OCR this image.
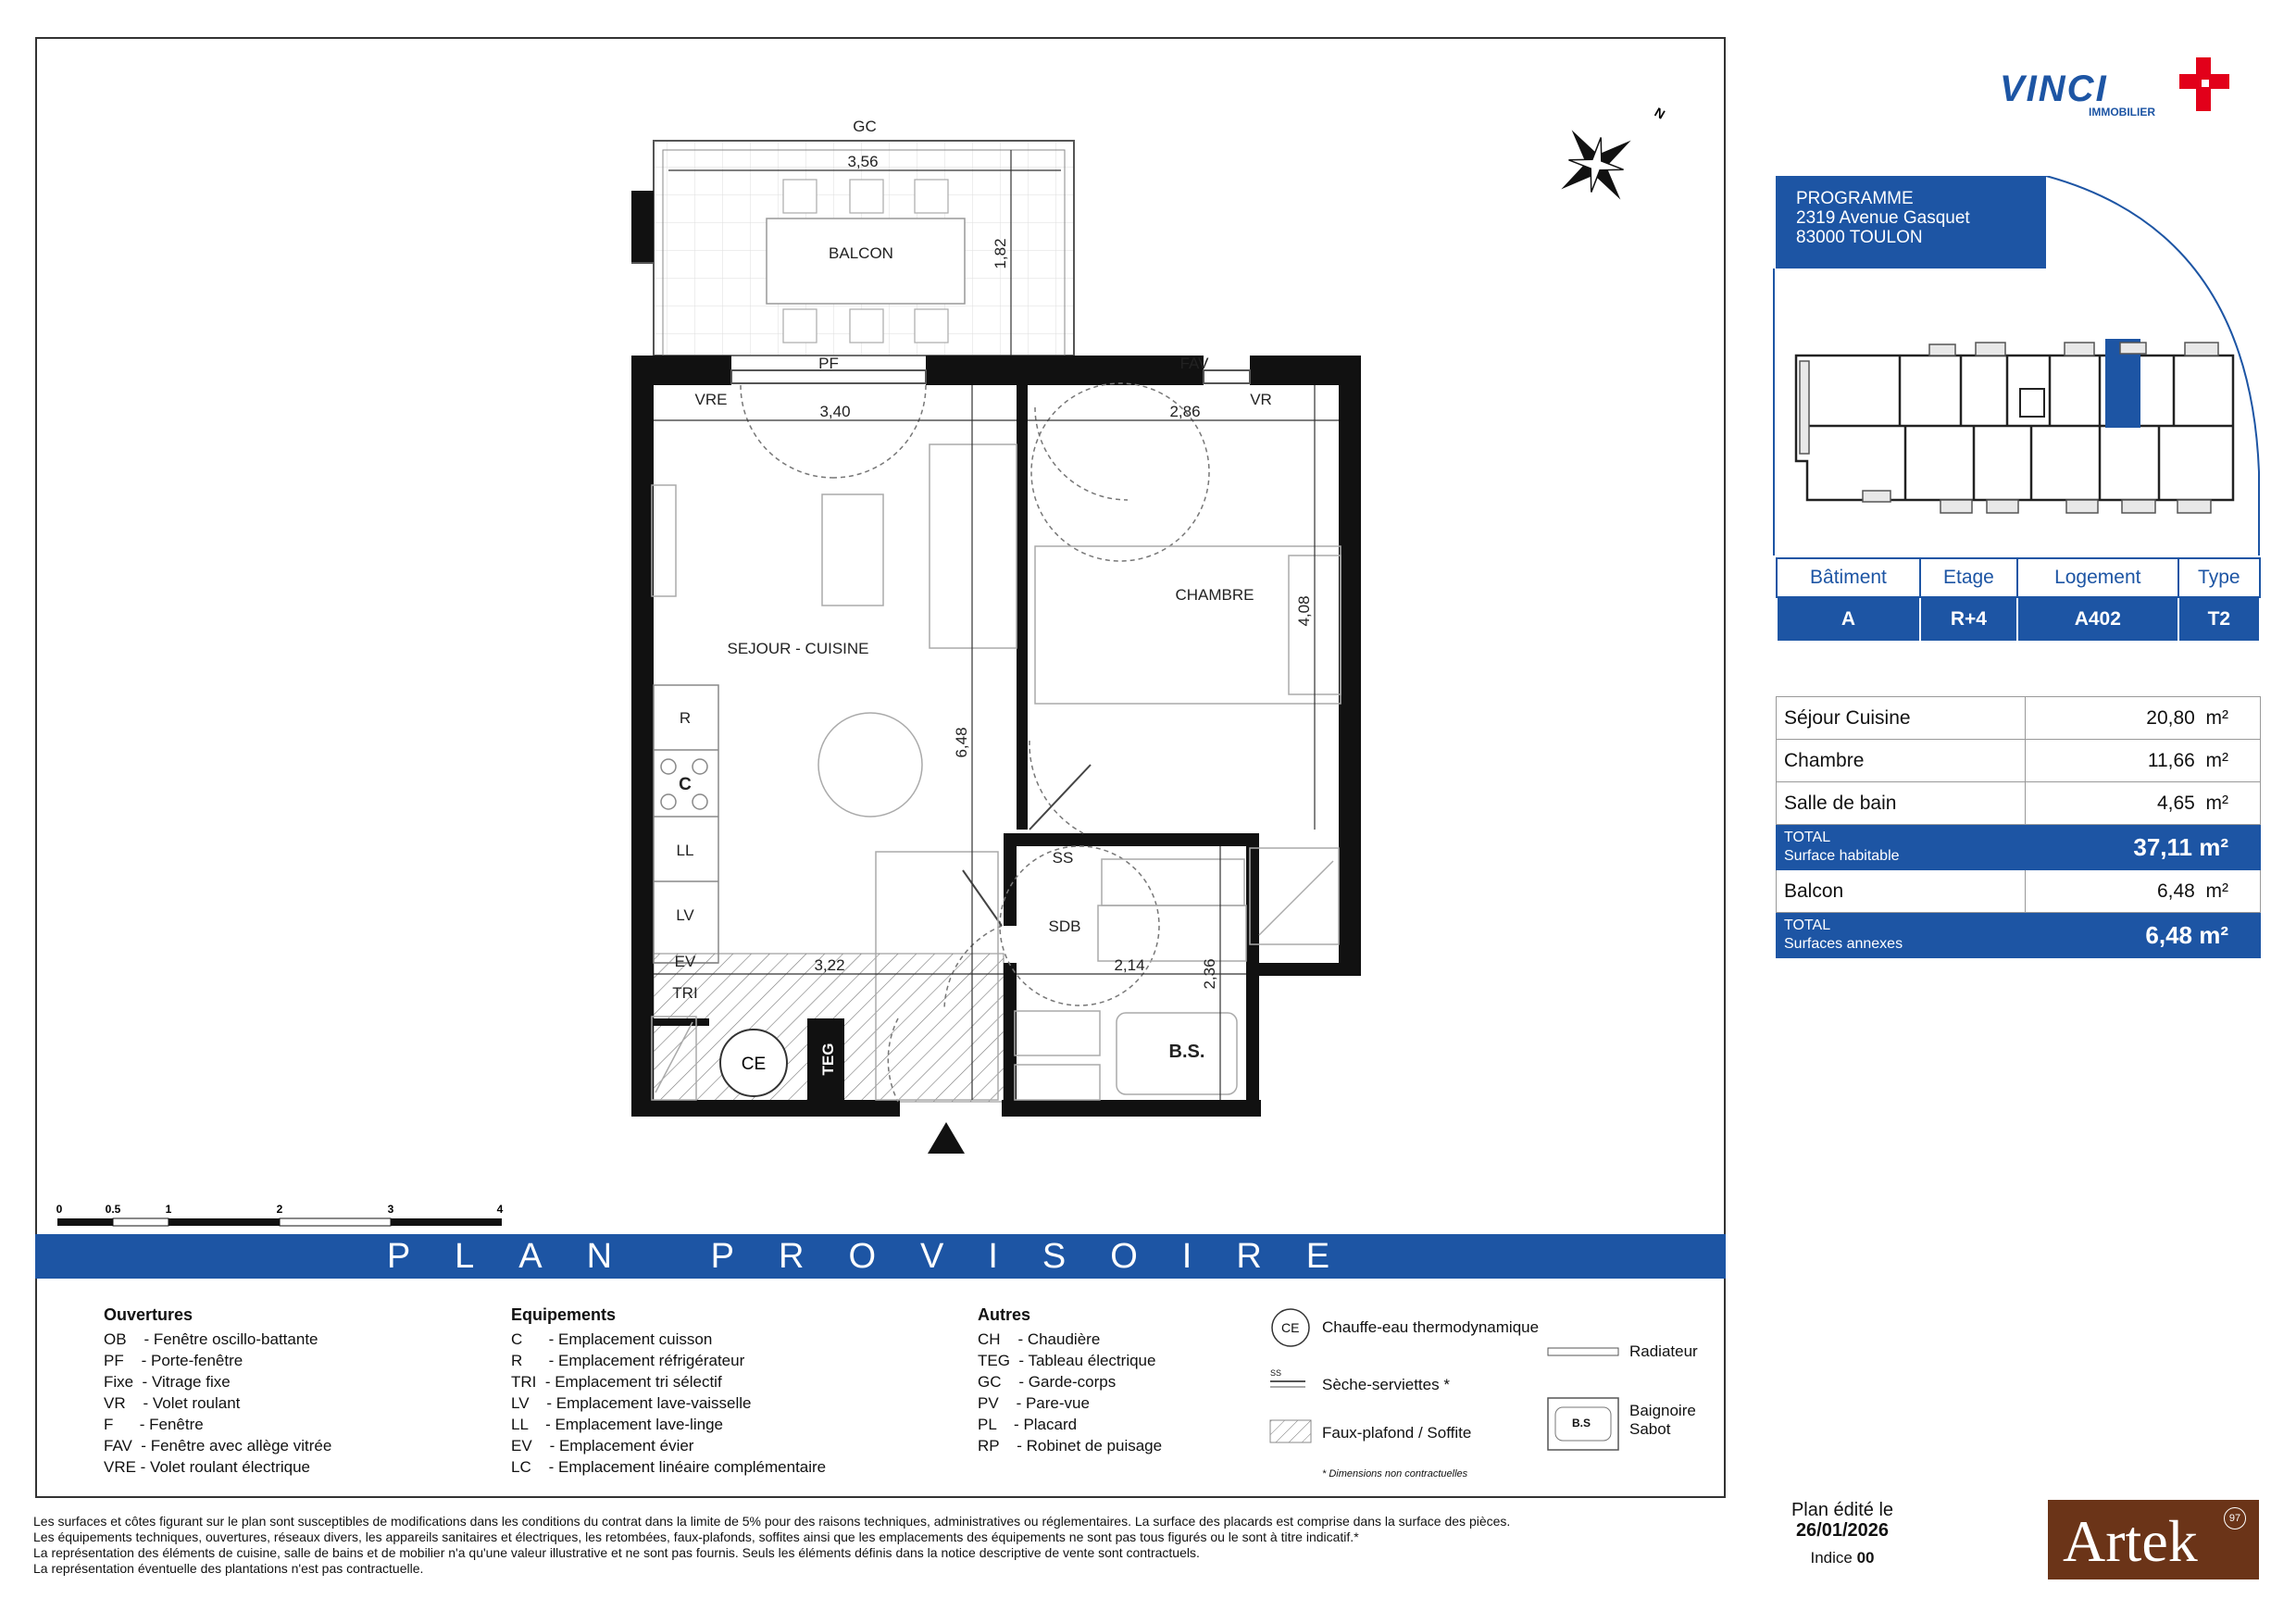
GC
3,56
1,82
BALCON
PF	FAV
VRE	VR
3,40	2,86
CHAMBRE
4,08
SEJOUR - CUISINE
6,48
R
C
LL
LV
EV
TRI
3,22	2,14	2,36
SS
SDB
B.S.
TEG
CE
N
0	0.5	1	2	3	4
PLAN PROVISOIRE
Ouvertures
OB    - Fenêtre oscillo-battante
PF    - Porte-fenêtre
Fixe  - Vitrage fixe
VR    - Volet roulant
F      - Fenêtre
FAV  - Fenêtre avec allège vitrée
VRE - Volet roulant électrique
Equipements
C      - Emplacement cuisson
R      - Emplacement réfrigérateur
TRI  - Emplacement tri sélectif
LV    - Emplacement lave-vaisselle
LL    - Emplacement lave-linge
EV    - Emplacement évier
LC    - Emplacement linéaire complémentaire
Autres
CH    - Chaudière
TEG  - Tableau électrique
GC    - Garde-corps
PV    - Pare-vue
PL    - Placard
RP    - Robinet de puisage
CE Chauffe-eau thermodynamique
SS
Sèche-serviettes *
Faux-plafond / Soffite
Radiateur
B.S
Baignoire
Sabot
* Dimensions non contractuelles
VINCI
IMMOBILIER
PROGRAMME
2319 Avenue Gasquet
83000 TOULON
Bâtiment	Etage	Logement	Type
A	R+4	A402	T2
Séjour Cuisine	20,80 m²
Chambre	11,66 m²
Salle de bain	4,65 m²

TOTAL
Surface habitable	37,11 m²
Balcon	6,48 m²

TOTAL
Surfaces annexes	6,48 m²
Plan édité le
26/01/2026
Indice 00	Artek	97
Les surfaces et côtes figurant sur le plan sont susceptibles de modifications dans les conditions du contrat dans la limite de 5% pour des raisons techniques, administratives ou réglementaires. La surface des placards est comprise dans la surface des pièces.
Les équipements techniques, ouvertures, réseaux divers, les appareils sanitaires et électriques, les retombées, faux-plafonds, soffites ainsi que les emplacements des équipements ne sont pas tous figurés ou le sont à titre indicatif.*
La représentation des éléments de cuisine, salle de bains et de mobilier n'a qu'une valeur illustrative et ne sont pas fournis. Seuls les éléments définis dans la notice descriptive de vente sont contractuels.
La représentation éventuelle des plantations n'est pas contractuelle.
